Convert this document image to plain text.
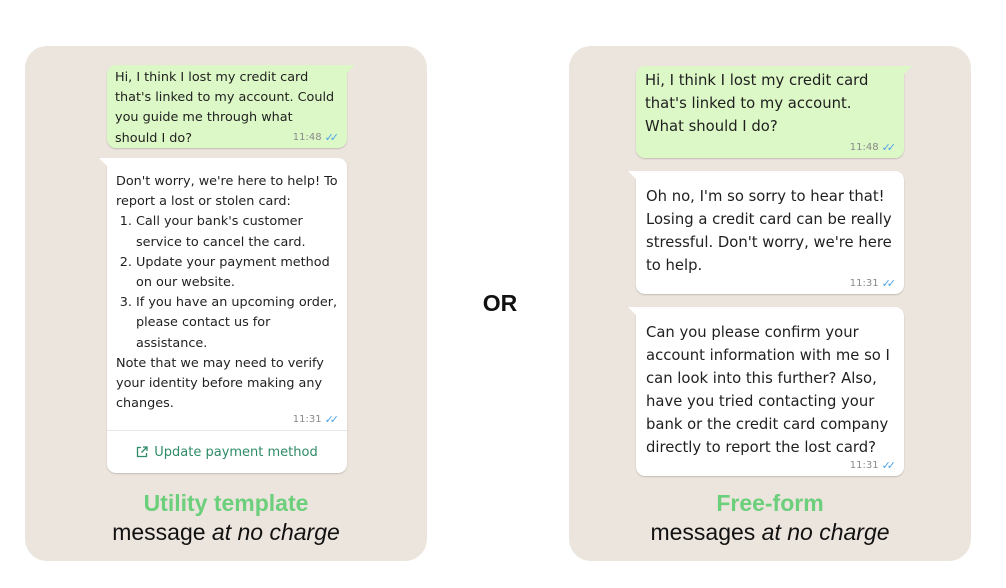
Hi, I think I lost my credit card that's linked to my account. Could you guide me through what should I do?	11:48 ✓✓
Don't worry, we're here to help! To report a lost or stolen card:
1. Call your bank's customer service to cancel the card.
2. Update your payment method on our website.
3. If you have an upcoming order, please contact us for assistance.
Note that we may need to verify your identity before making any changes.
11:31 ✓✓
Update payment method
Utility template
message at no charge
OR
Hi, I think I lost my credit card that's linked to my account. What should I do?
11:48 ✓✓
Oh no, I'm so sorry to hear that! Losing a credit card can be really stressful. Don't worry, we're here to help.
11:31 ✓✓
Can you please confirm your account information with me so I can look into this further? Also, have you tried contacting your bank or the credit card company directly to report the lost card?
11:31 ✓✓
Free-form
messages at no charge
